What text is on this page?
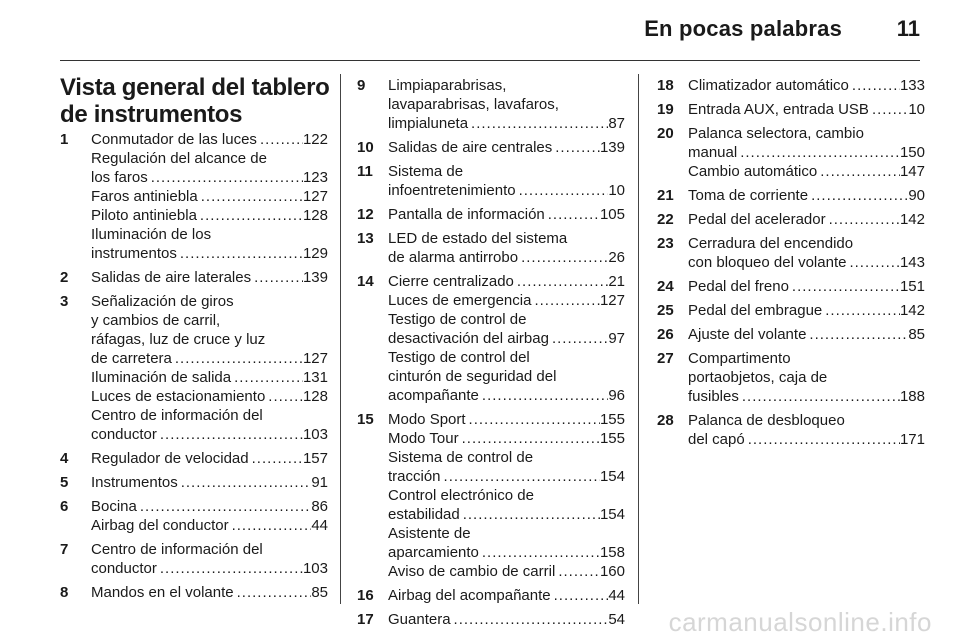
En pocas palabras 11
Vista general del tablero de instrumentos
1	Conmutador de las luces .....	122
Regulación del alcance de
los faros .....	123
Faros antiniebla .....	127
Piloto antiniebla .....	128
Iluminación de los
instrumentos .....	129
2	Salidas de aire laterales .....	139
3	Señalización de giros
y cambios de carril,
ráfagas, luz de cruce y luz
de carretera .....	127
Iluminación de salida .....	131
Luces de estacionamiento .....	128
Centro de información del
conductor .....	103
4	Regulador de velocidad .....	157
5	Instrumentos .....	91
6	Bocina .....	86
Airbag del conductor .....	44
7	Centro de información del
conductor .....	103
8	Mandos en el volante .....	85
9	Limpiaparabrisas,
lavaparabrisas, lavafaros,
limpialuneta .....	87
10 Salidas de aire centrales .....	139
11	Sistema de
infoentretenimiento .....	10
12 Pantalla de información .....	105
13 LED de estado del sistema
de alarma antirrobo .....	26
14 Cierre centralizado .....	21
Luces de emergencia .....	127
Testigo de control de
desactivación del airbag .....	97
Testigo de control del
cinturón de seguridad del
acompañante .....	96
15 Modo Sport .....	155
Modo Tour .....	155
Sistema de control de
tracción .....	154
Control electrónico de
estabilidad .....	154
Asistente de
aparcamiento .....	158
Aviso de cambio de carril .....	160
16 Airbag del acompañante .....	44
17 Guantera .....	54
18 Climatizador automático .....	133
19 Entrada AUX, entrada USB .....	10
20 Palanca selectora, cambio
manual .....	150
Cambio automático .....	147
21 Toma de corriente .....	90
22 Pedal del acelerador .....	142
23 Cerradura del encendido
con bloqueo del volante .....	143
24 Pedal del freno .....	151
25 Pedal del embrague .....	142
26 Ajuste del volante .....	85
27 Compartimento
portaobjetos, caja de
fusibles .....	188
28 Palanca de desbloqueo
del capó .....	171
carmanualsonline.info
